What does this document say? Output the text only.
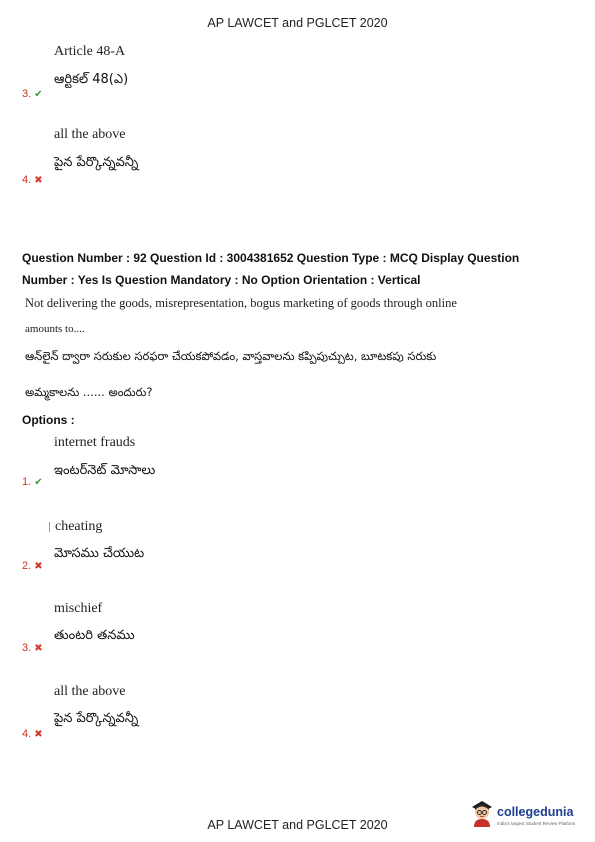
AP LAWCET and PGLCET 2020
Article 48-A
ఆర్టికల్ 48(ఎ)
3. ✔
all the above
పైన పేర్కొన్నవన్నీ
4. ✖
Question Number : 92 Question Id : 3004381652 Question Type : MCQ Display Question
Number : Yes Is Question Mandatory : No Option Orientation : Vertical
Not delivering the goods, misrepresentation, bogus marketing of goods through online
amounts to....
ఆన్‌లైన్ ద్వారా సరుకుల సరఫరా చేయకపోవడం, వాస్తవాలను కప్పిపుచ్చుట, బూటకపు సరుకు
అమ్మకాలను ...... అందురు?
Options :
internet frauds
ఇంటర్‌నెట్ మోసాలు
1. ✔
cheating
మోసము చేయుట
2. ✖
mischief
తుంటరి తనము
3. ✖
all the above
పైన పేర్కొన్నవన్నీ
4. ✖
collegedunia
India's largest Student Review Platform
AP LAWCET and PGLCET 2020
